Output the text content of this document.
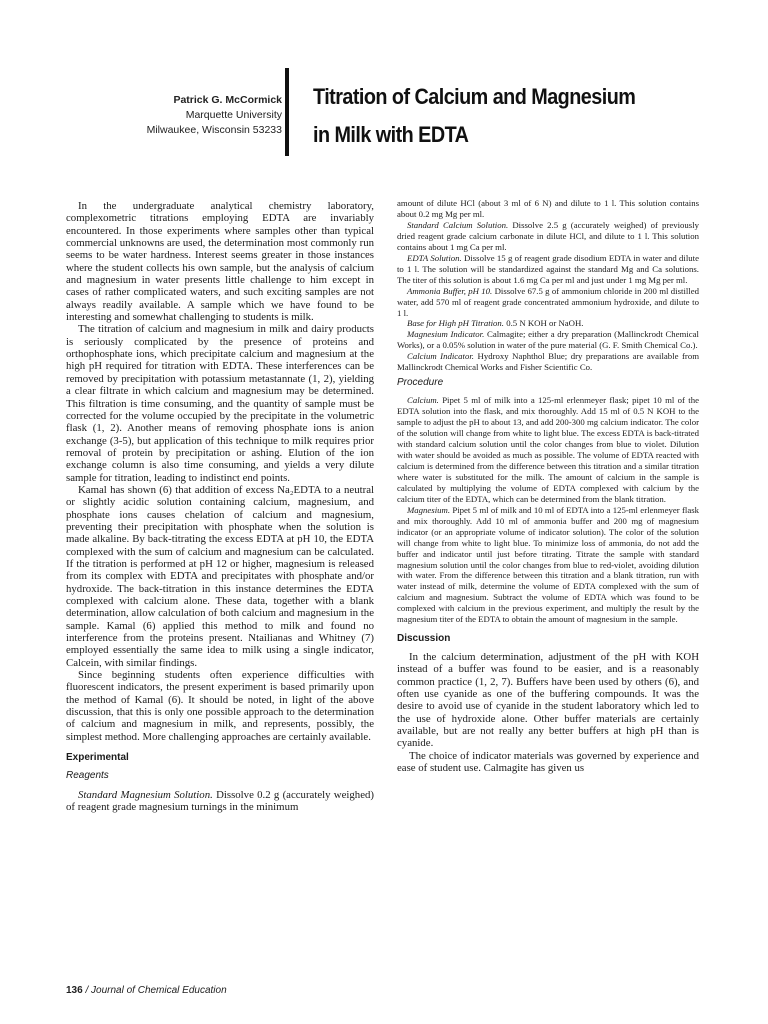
Patrick G. McCormick
Marquette University
Milwaukee, Wisconsin 53233
Titration of Calcium and Magnesium
in Milk with EDTA

In the undergraduate analytical chemistry laboratory, complexometric titrations employing EDTA are invariably encountered. In those experiments where samples other than typical commercial unknowns are used, the determination most commonly run seems to be water hardness. Interest seems greater in those instances where the student collects his own sample, but the analysis of calcium and magnesium in water presents little challenge to him except in cases of rather complicated waters, and such exciting samples are not always readily available. A sample which we have found to be interesting and somewhat challenging to students is milk.

The titration of calcium and magnesium in milk and dairy products is seriously complicated by the presence of proteins and orthophosphate ions, which precipitate calcium and magnesium at the high pH required for titration with EDTA. These interferences can be removed by precipitation with potassium metastannate (1, 2), yielding a clear filtrate in which calcium and magnesium may be determined. This filtration is time consuming, and the quantity of sample must be corrected for the volume occupied by the precipitate in the volumetric flask (1, 2). Another means of removing phosphate ions is anion exchange (3-5), but application of this technique to milk requires prior removal of protein by precipitation or ashing. Elution of the ion exchange column is also time consuming, and yields a very dilute sample for titration, leading to indistinct end points.

Kamal has shown (6) that addition of excess Na₂EDTA to a neutral or slightly acidic solution containing calcium, magnesium, and phosphate ions causes chelation of calcium and magnesium, preventing their precipitation with phosphate when the solution is made alkaline. By back-titrating the excess EDTA at pH 10, the EDTA complexed with the sum of calcium and magnesium can be calculated. If the titration is performed at pH 12 or higher, magnesium is released from its complex with EDTA and precipitates with phosphate and/or hydroxide. The back-titration in this instance determines the EDTA complexed with calcium alone. These data, together with a blank determination, allow calculation of both calcium and magnesium in the sample. Kamal (6) applied this method to milk and found no interference from the proteins present. Ntailianas and Whitney (7) employed essentially the same idea to milk using a single indicator, Calcein, with similar findings.

Since beginning students often experience difficulties with fluorescent indicators, the present experiment is based primarily upon the method of Kamal (6). It should be noted, in light of the above discussion, that this is only one possible approach to the determination of calcium and magnesium in milk, and represents, possibly, the simplest method. More challenging approaches are certainly available.

Experimental
Reagents

Standard Magnesium Solution. Dissolve 0.2 g (accurately weighed) of reagent grade magnesium turnings in the minimum

amount of dilute HCl (about 3 ml of 6 N) and dilute to 1 l. This solution contains about 0.2 mg Mg per ml.

Standard Calcium Solution. Dissolve 2.5 g (accurately weighed) of previously dried reagent grade calcium carbonate in dilute HCl, and dilute to 1 l. This solution contains about 1 mg Ca per ml.

EDTA Solution. Dissolve 15 g of reagent grade disodium EDTA in water and dilute to 1 l. The solution will be standardized against the standard Mg and Ca solutions. The titer of this solution is about 1.6 mg Ca per ml and just under 1 mg Mg per ml.

Ammonia Buffer, pH 10. Dissolve 67.5 g of ammonium chloride in 200 ml distilled water, add 570 ml of reagent grade concentrated ammonium hydroxide, and dilute to 1 l.

Base for High pH Titration. 0.5 N KOH or NaOH.

Magnesium Indicator. Calmagite; either a dry preparation (Mallinckrodt Chemical Works), or a 0.05% solution in water of the pure material (G. F. Smith Chemical Co.).

Calcium Indicator. Hydroxy Naphthol Blue; dry preparations are available from Mallinckrodt Chemical Works and Fisher Scientific Co.

Procedure

Calcium. Pipet 5 ml of milk into a 125-ml erlenmeyer flask; pipet 10 ml of the EDTA solution into the flask, and mix thoroughly. Add 15 ml of 0.5 N KOH to the sample to adjust the pH to about 13, and add 200-300 mg calcium indicator. The color of the solution will change from white to light blue. The excess EDTA is back-titrated with standard calcium solution until the color changes from blue to violet. Dilution with water should be avoided as much as possible. The volume of EDTA reacted with calcium is determined from the difference between this titration and a similar titration where water is substituted for the milk. The amount of calcium in the sample is calculated by multiplying the volume of EDTA complexed with calcium by the calcium titer of the EDTA, which can be determined from the blank titration.

Magnesium. Pipet 5 ml of milk and 10 ml of EDTA into a 125-ml erlenmeyer flask and mix thoroughly. Add 10 ml of ammonia buffer and 200 mg of magnesium indicator (or an appropriate volume of indicator solution). The color of the solution will change from white to light blue. To minimize loss of ammonia, do not add the buffer and indicator until just before titrating. Titrate the sample with standard magnesium solution until the color changes from blue to red-violet, avoiding dilution with water. From the difference between this titration and a blank titration, run with water instead of milk, determine the volume of EDTA complexed with the sum of calcium and magnesium. Subtract the volume of EDTA which was found to be complexed with calcium in the previous experiment, and multiply the result by the magnesium titer of the EDTA to obtain the amount of magnesium in the sample.

Discussion

In the calcium determination, adjustment of the pH with KOH instead of a buffer was found to be easier, and is a reasonably common practice (1, 2, 7). Buffers have been used by others (6), and often use cyanide as one of the buffering compounds. It was the desire to avoid use of cyanide in the student laboratory which led to the use of hydroxide alone. Other buffer materials are certainly available, but are not really any better buffers at high pH than is cyanide.

The choice of indicator materials was governed by experience and ease of student use. Calmagite has given us

136 / Journal of Chemical Education
